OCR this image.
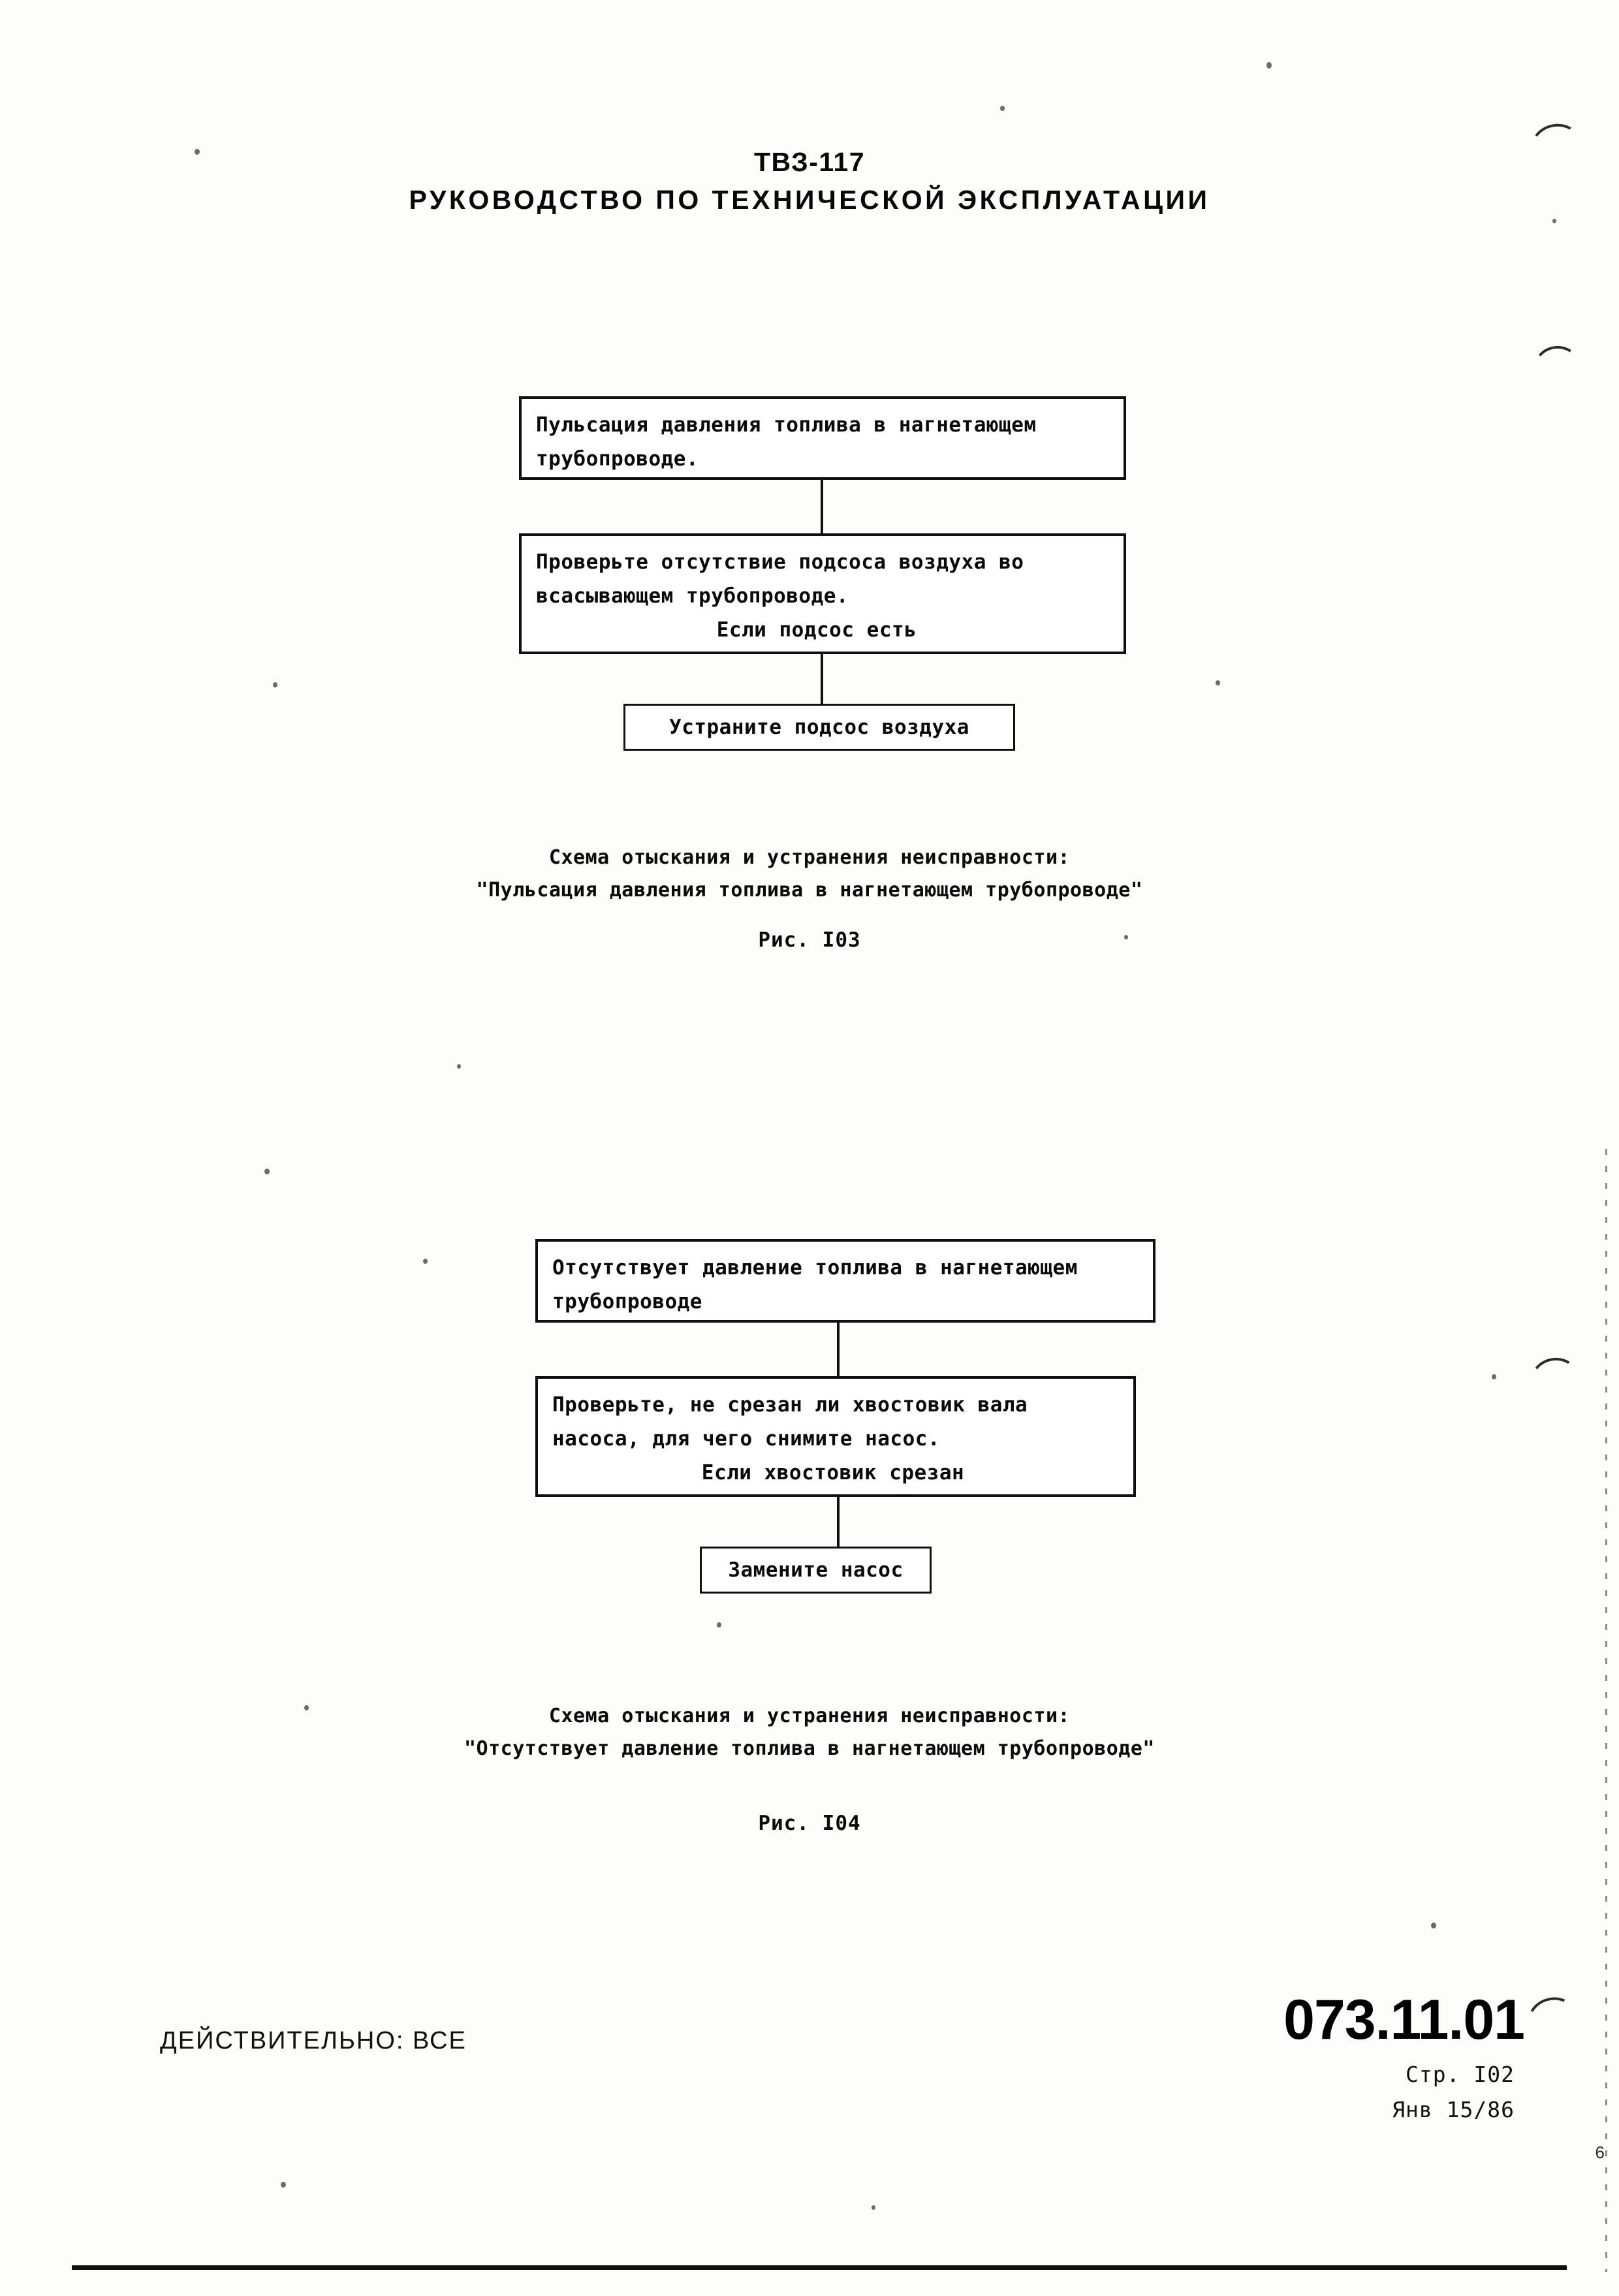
ТВЗ-117
РУКОВОДСТВО ПО ТЕХНИЧЕСКОЙ ЭКСПЛУАТАЦИИ
Пульсация давления топлива в нагнетающем
трубопроводе.
Проверьте отсутствие подсоса воздуха во
всасывающем трубопроводе.
Если подсос есть
Устраните подсос воздуха
Схема отыскания и устранения неисправности:
"Пульсация давления топлива в нагнетающем трубопроводе"
Рис. I03
Отсутствует давление топлива в нагнетающем
трубопроводе
Проверьте, не срезан ли хвостовик вала
насоса, для чего снимите насос.
Если хвостовик срезан
Замените насос
Схема отыскания и устранения неисправности:
"Отсутствует давление топлива в нагнетающем трубопроводе"
Рис. I04
ДЕЙСТВИТЕЛЬНО: ВСЕ	073.11.01
Стр. I02
Янв 15/86
6
